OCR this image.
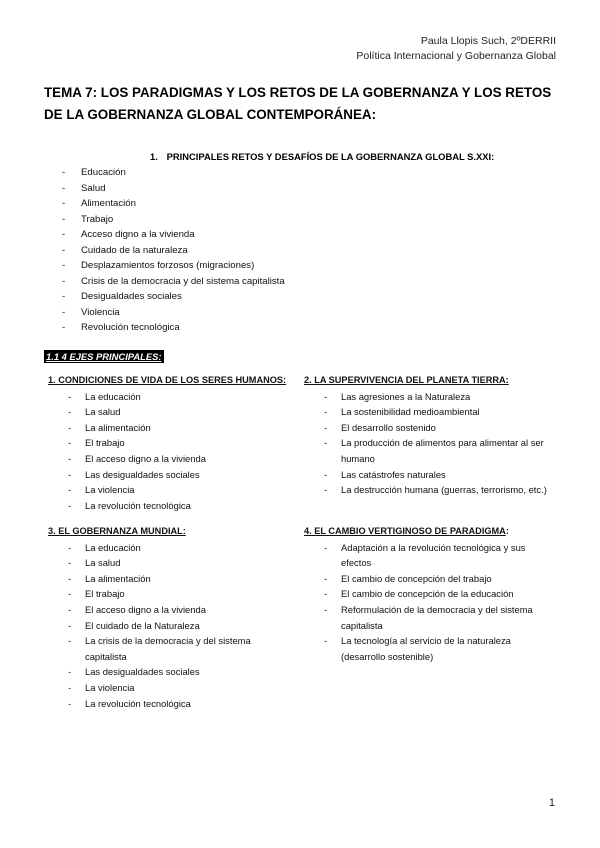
Paula Llopis Such, 2ºDERRII
Política Internacional y Gobernanza Global
TEMA 7: LOS PARADIGMAS Y LOS RETOS DE LA GOBERNANZA Y LOS RETOS DE LA GOBERNANZA GLOBAL CONTEMPORÁNEA:
1. PRINCIPALES RETOS Y DESAFÍOS DE LA GOBERNANZA GLOBAL S.XXI:
- Educación
- Salud
- Alimentación
- Trabajo
- Acceso digno a la vivienda
- Cuidado de la naturaleza
- Desplazamientos forzosos (migraciones)
- Crisis de la democracia y del sistema capitalista
- Desigualdades sociales
- Violencia
- Revolución tecnológica
1.1 4 EJES PRINCIPALES:
1. CONDICIONES DE VIDA DE LOS SERES HUMANOS:
- La educación
- La salud
- La alimentación
- El trabajo
- El acceso digno a la vivienda
- Las desigualdades sociales
- La violencia
- La revolución tecnológica
2. LA SUPERVIVENCIA DEL PLANETA TIERRA:
- Las agresiones a la Naturaleza
- La sostenibilidad medioambiental
- El desarrollo sostenido
- La producción de alimentos para alimentar al ser humano
- Las catástrofes naturales
- La destrucción humana (guerras, terrorismo, etc.)
3. EL GOBERNANZA MUNDIAL:
- La educación
- La salud
- La alimentación
- El trabajo
- El acceso digno a la vivienda
- El cuidado de la Naturaleza
- La crisis de la democracia y del sistema capitalista
- Las desigualdades sociales
- La violencia
- La revolución tecnológica
4. EL CAMBIO VERTIGINOSO DE PARADIGMA:
- Adaptación a la revolución tecnológica y sus efectos
- El cambio de concepción del trabajo
- El cambio de concepción de la educación
- Reformulación de la democracia y del sistema capitalista
- La tecnología al servicio de la naturaleza (desarrollo sostenible)
1
